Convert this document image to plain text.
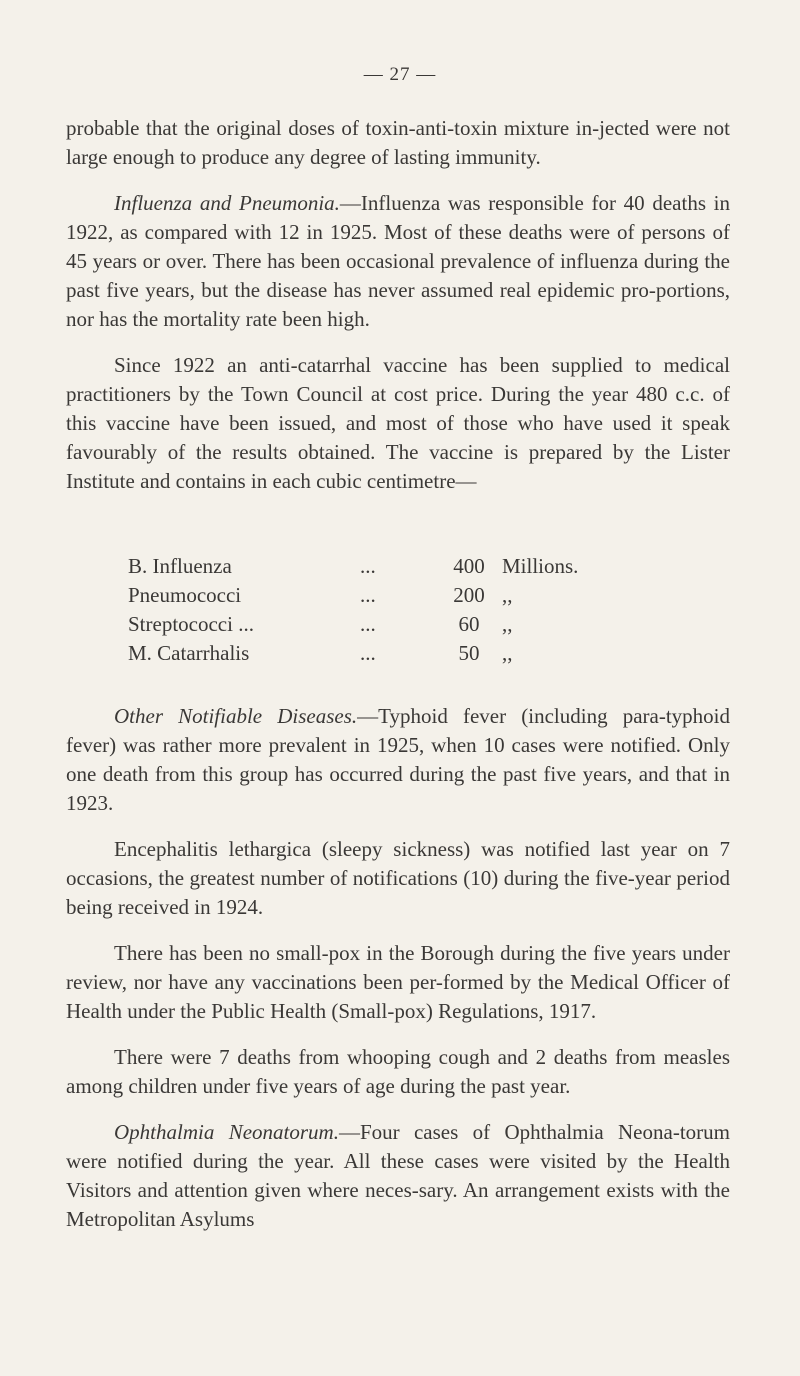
— 27 —

probable that the original doses of toxin-anti-toxin mixture in-jected were not large enough to produce any degree of lasting immunity.

Influenza and Pneumonia.—Influenza was responsible for 40 deaths in 1922, as compared with 12 in 1925. Most of these deaths were of persons of 45 years or over. There has been occasional prevalence of influenza during the past five years, but the disease has never assumed real epidemic pro-portions, nor has the mortality rate been high.

Since 1922 an anti-catarrhal vaccine has been supplied to medical practitioners by the Town Council at cost price. During the year 480 c.c. of this vaccine have been issued, and most of those who have used it speak favourably of the results obtained. The vaccine is prepared by the Lister Institute and contains in each cubic centimetre—

B. Influenza	...	400 Millions.
Pneumococci	...	200 ,,
Streptococci ...	...	60	,,
M. Catarrhalis	...	50	,,

Other Notifiable Diseases.—Typhoid fever (including para-typhoid fever) was rather more prevalent in 1925, when 10 cases were notified. Only one death from this group has occurred during the past five years, and that in 1923.

Encephalitis lethargica (sleepy sickness) was notified last year on 7 occasions, the greatest number of notifications (10) during the five-year period being received in 1924.

There has been no small-pox in the Borough during the five years under review, nor have any vaccinations been per-formed by the Medical Officer of Health under the Public Health (Small-pox) Regulations, 1917.

There were 7 deaths from whooping cough and 2 deaths from measles among children under five years of age during the past year.

Ophthalmia Neonatorum.—Four cases of Ophthalmia Neona-torum were notified during the year. All these cases were visited by the Health Visitors and attention given where neces-sary. An arrangement exists with the Metropolitan Asylums
